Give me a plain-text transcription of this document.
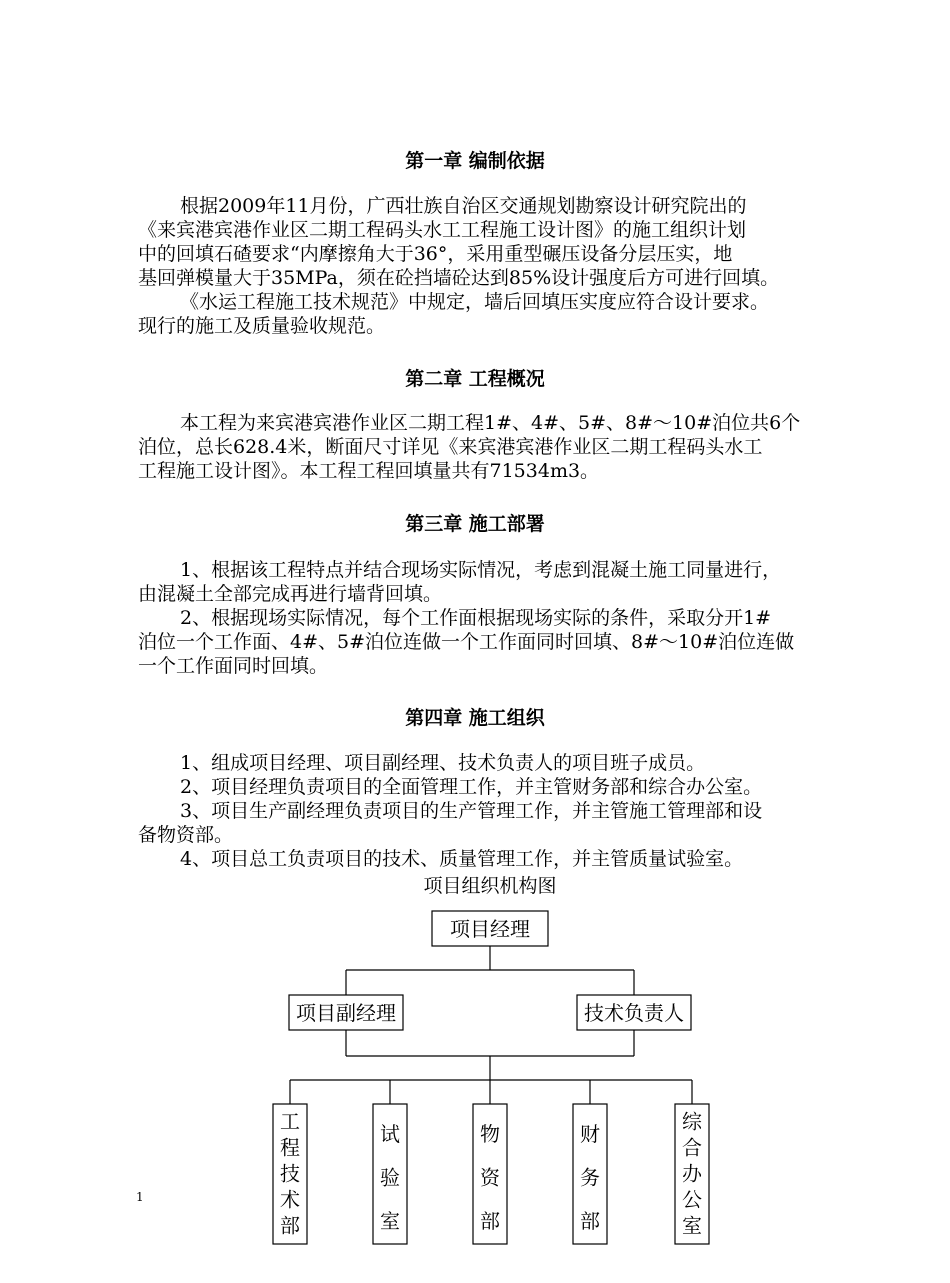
第一章 编制依据
根据2009年11月份，广西壮族自治区交通规划勘察设计研究院出的
《来宾港宾港作业区二期工程码头水工工程施工设计图》的施工组织计划
中的回填石碴要求“内摩擦角大于36°，采用重型碾压设备分层压实，地
基回弹模量大于35MPa，须在砼挡墙砼达到85%设计强度后方可进行回填。
《水运工程施工技术规范》中规定，墙后回填压实度应符合设计要求。
现行的施工及质量验收规范。
第二章 工程概况
本工程为来宾港宾港作业区二期工程1#、4#、5#、8#～10#泊位共6个
泊位，总长628.4米，断面尺寸详见《来宾港宾港作业区二期工程码头水工
工程施工设计图》。本工程工程回填量共有71534m3。
第三章 施工部署
1、根据该工程特点并结合现场实际情况，考虑到混凝土施工同量进行，
由混凝土全部完成再进行墙背回填。
2、根据现场实际情况，每个工作面根据现场实际的条件，采取分开1#
泊位一个工作面、4#、5#泊位连做一个工作面同时回填、8#～10#泊位连做
一个工作面同时回填。
第四章 施工组织
1、组成项目经理、项目副经理、技术负责人的项目班子成员。
2、项目经理负责项目的全面管理工作，并主管财务部和综合办公室。
3、项目生产副经理负责项目的生产管理工作，并主管施工管理部和设
备物资部。
4、项目总工负责项目的技术、质量管理工作，并主管质量试验室。
项目组织机构图
项目经理
项目副经理	技术负责人
工
程
技
术
部
试
验
室
物
资
部
财
务
部
综
合
办
公
室
1
